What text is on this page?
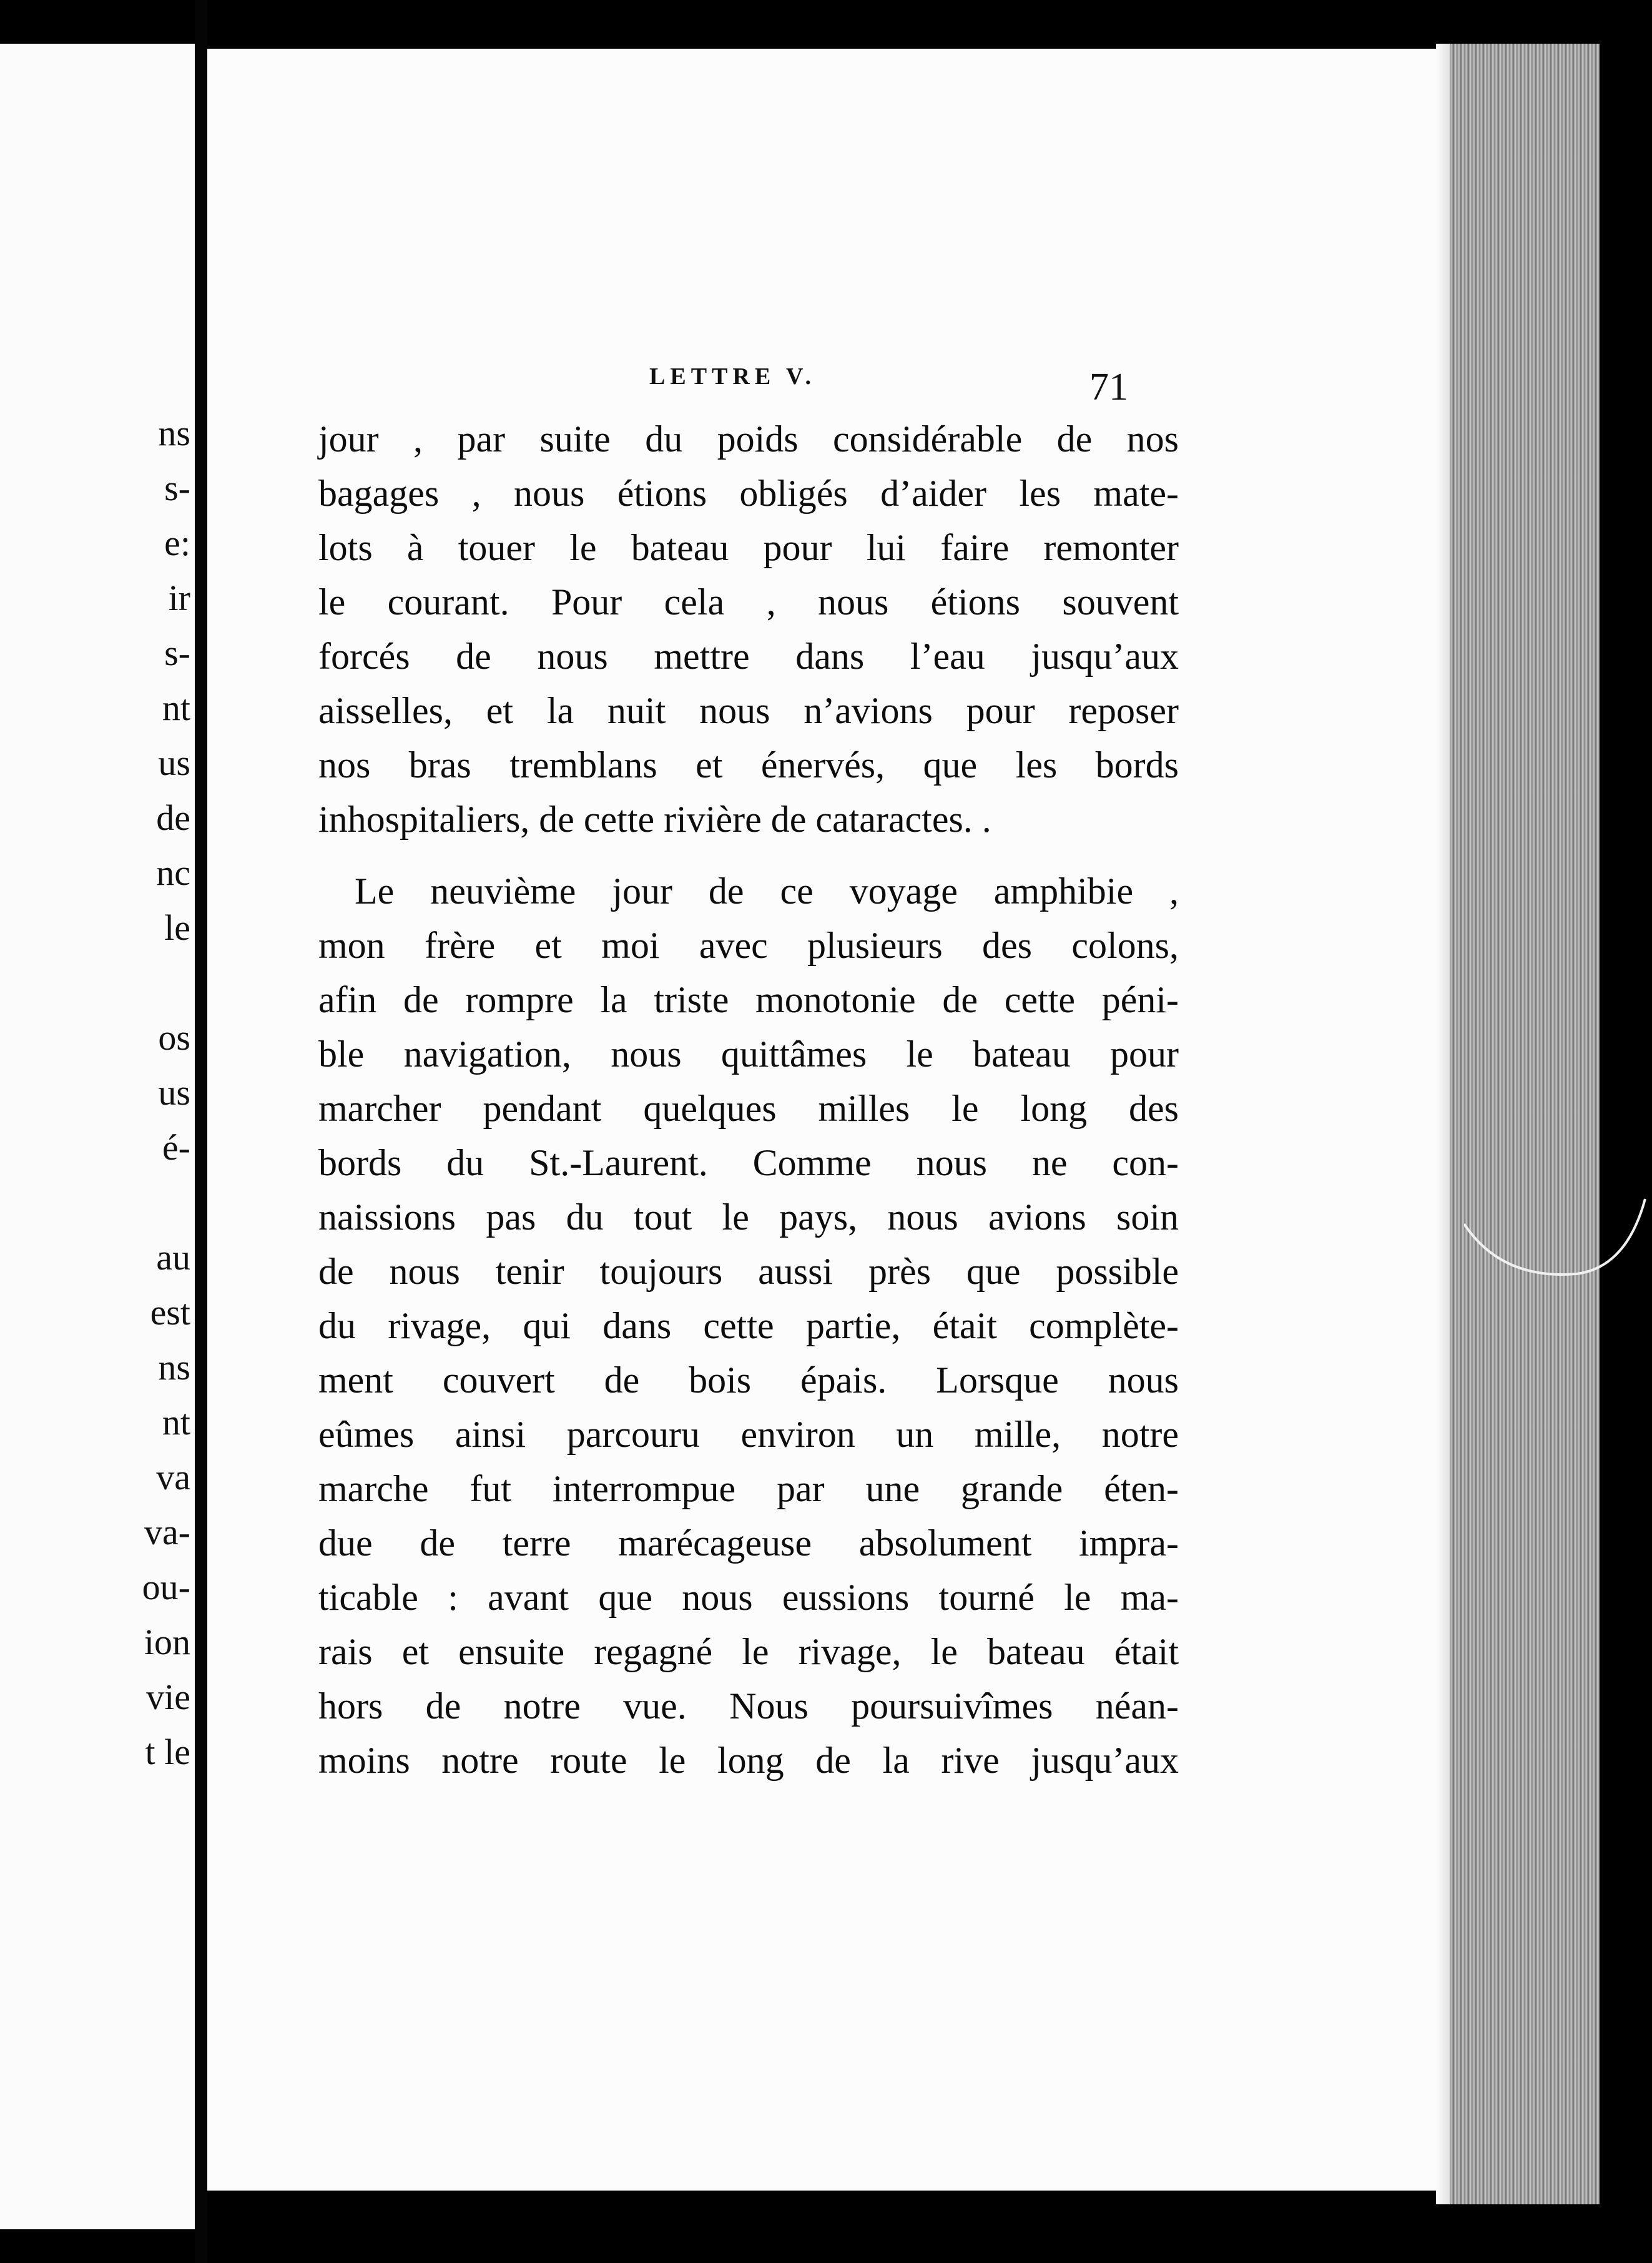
ns
s-
e:
ir
s-
nt
us
de
nc
le
os
us
é-
au
est
ns
nt
va
va-
ou-
ion
vie
t le
LETTRE V.	71
jour , par suite du poids considérable de nos
bagages , nous étions obligés d’aider les mate-
lots à touer le bateau pour lui faire remonter
le courant. Pour cela , nous étions souvent
forcés de nous mettre dans l’eau jusqu’aux
aisselles, et la nuit nous n’avions pour reposer
nos bras tremblans et énervés, que les bords
inhospitaliers, de cette rivière de cataractes. .
Le neuvième jour de ce voyage amphibie ,
mon frère et moi avec plusieurs des colons,
afin de rompre la triste monotonie de cette péni-
ble navigation, nous quittâmes le bateau pour
marcher pendant quelques milles le long des
bords du St.-Laurent. Comme nous ne con-
naissions pas du tout le pays, nous avions soin
de nous tenir toujours aussi près que possible
du rivage, qui dans cette partie, était complète-
ment couvert de bois épais. Lorsque nous
eûmes ainsi parcouru environ un mille, notre
marche fut interrompue par une grande éten-
due de terre marécageuse absolument impra-
ticable : avant que nous eussions tourné le ma-
rais et ensuite regagné le rivage, le bateau était
hors de notre vue. Nous poursuivîmes néan-
moins notre route le long de la rive jusqu’aux
